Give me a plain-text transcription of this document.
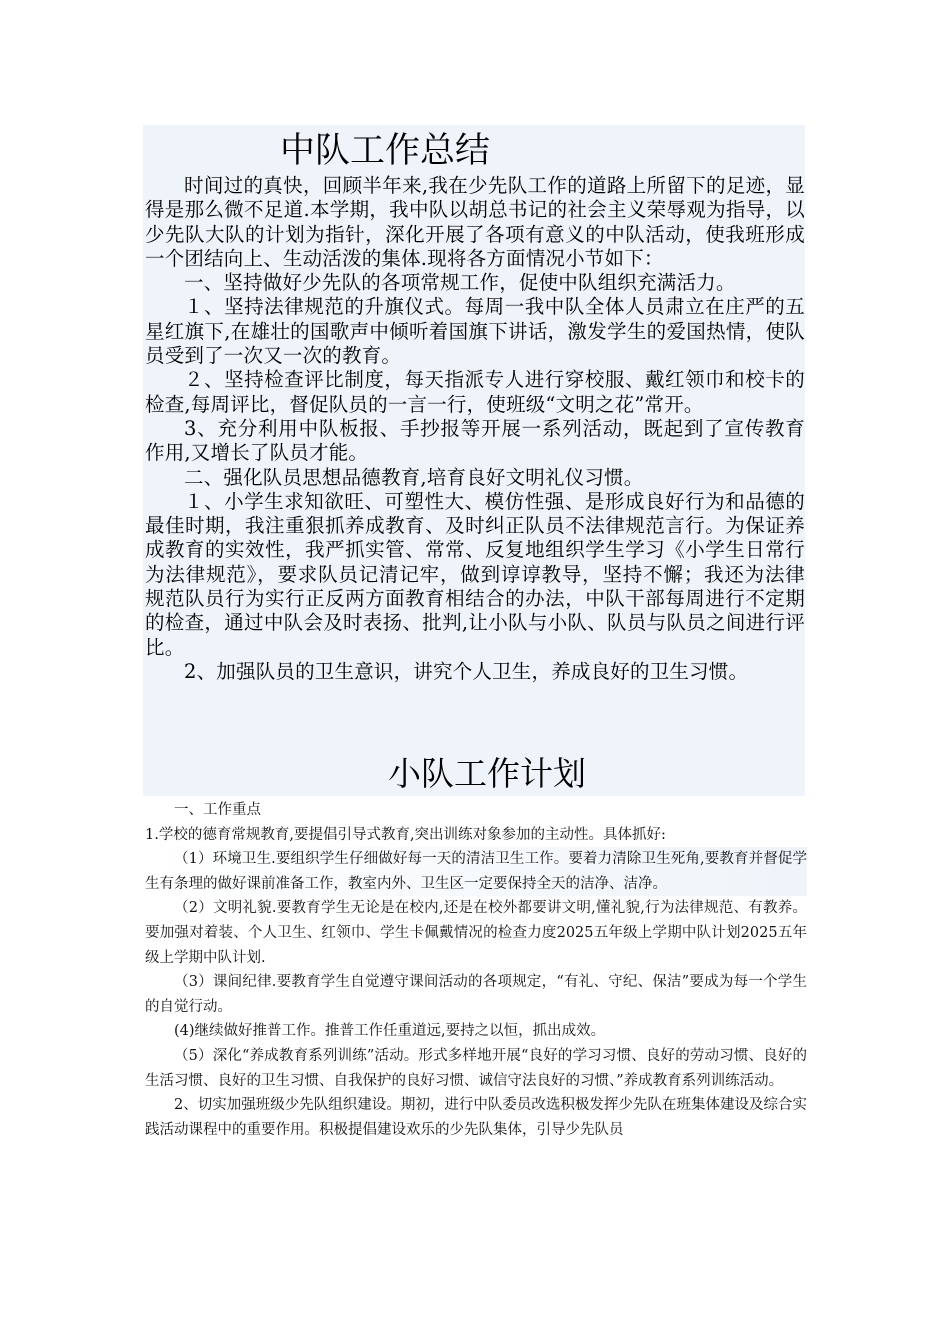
中队工作总结

时间过的真快，回顾半年来,我在少先队工作的道路上所留下的足迹，显得是那么微不足道.本学期，我中队以胡总书记的社会主义荣辱观为指导，以少先队大队的计划为指针，深化开展了各项有意义的中队活动，使我班形成一个团结向上、生动活泼的集体.现将各方面情况小节如下：

一、坚持做好少先队的各项常规工作，促使中队组织充满活力。

１、坚持法律规范的升旗仪式。每周一我中队全体人员肃立在庄严的五星红旗下,在雄壮的国歌声中倾听着国旗下讲话，激发学生的爱国热情，使队员受到了一次又一次的教育。

２、坚持检查评比制度，每天指派专人进行穿校服、戴红领巾和校卡的检查,每周评比，督促队员的一言一行，使班级“文明之花”常开。

3、充分利用中队板报、手抄报等开展一系列活动，既起到了宣传教育作用,又增长了队员才能。

二、强化队员思想品德教育,培育良好文明礼仪习惯。

１、小学生求知欲旺、可塑性大、模仿性强、是形成良好行为和品德的最佳时期，我注重狠抓养成教育、及时纠正队员不法律规范言行。为保证养成教育的实效性，我严抓实管、常常、反复地组织学生学习《小学生日常行为法律规范》，要求队员记清记牢，做到谆谆教导，坚持不懈；我还为法律规范队员行为实行正反两方面教育相结合的办法，中队干部每周进行不定期的检查，通过中队会及时表扬、批判,让小队与小队、队员与队员之间进行评比。

2、加强队员的卫生意识，讲究个人卫生，养成良好的卫生习惯。

小队工作计划

一、工作重点

1.学校的德育常规教育,要提倡引导式教育,突出训练对象参加的主动性。具体抓好:

（1）环境卫生.要组织学生仔细做好每一天的清洁卫生工作。要着力清除卫生死角,要教育并督促学生有条理的做好课前准备工作，教室内外、卫生区一定要保持全天的洁净、洁净。

（2）文明礼貌.要教育学生无论是在校内,还是在校外都要讲文明,懂礼貌,行为法律规范、有教养。要加强对着装、个人卫生、红领巾、学生卡佩戴情况的检查力度2025五年级上学期中队计划2025五年级上学期中队计划.

（3）课间纪律.要教育学生自觉遵守课间活动的各项规定，“有礼、守纪、保洁”要成为每一个学生的自觉行动。

(4)继续做好推普工作。推普工作任重道远,要持之以恒，抓出成效。

（5）深化“养成教育系列训练”活动。形式多样地开展“良好的学习习惯、良好的劳动习惯、良好的生活习惯、良好的卫生习惯、自我保护的良好习惯、诚信守法良好的习惯、”养成教育系列训练活动。

2、切实加强班级少先队组织建设。期初，进行中队委员改选积极发挥少先队在班集体建设及综合实践活动课程中的重要作用。积极提倡建设欢乐的少先队集体，引导少先队员
